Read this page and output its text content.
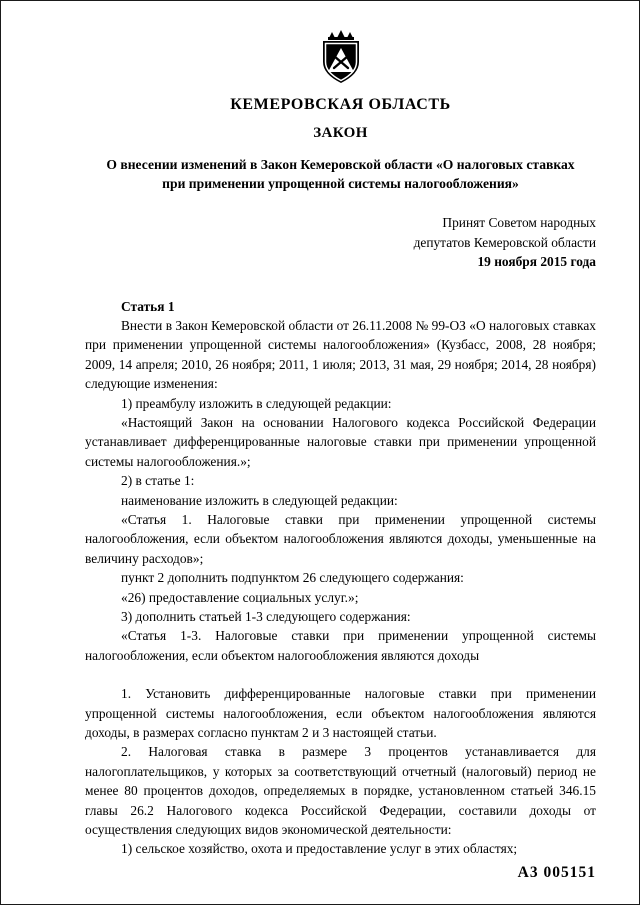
КЕМЕРОВСКАЯ ОБЛАСТЬ
ЗАКОН
О внесении изменений в Закон Кемеровской области «О налоговых ставках при применении упрощенной системы налогообложения»
Принят Советом народных
депутатов Кемеровской области
19 ноября 2015 года

Статья 1

Внести в Закон Кемеровской области от 26.11.2008 № 99-ОЗ «О налоговых ставках при применении упрощенной системы налогообложения» (Кузбасс, 2008, 28 ноября; 2009, 14 апреля; 2010, 26 ноября; 2011, 1 июля; 2013, 31 мая, 29 ноября; 2014, 28 ноября) следующие изменения:

1) преамбулу изложить в следующей редакции:

«Настоящий Закон на основании Налогового кодекса Российской Федерации устанавливает дифференцированные налоговые ставки при применении упрощенной системы налогообложения.»;

2) в статье 1:

наименование изложить в следующей редакции:

«Статья 1. Налоговые ставки при применении упрощенной системы налогообложения, если объектом налогообложения являются доходы, уменьшенные на величину расходов»;

пункт 2 дополнить подпунктом 26 следующего содержания:

«26) предоставление социальных услуг.»;

3) дополнить статьей 1-3 следующего содержания:

«Статья 1-3. Налоговые ставки при применении упрощенной системы налогообложения, если объектом налогообложения являются доходы

1. Установить дифференцированные налоговые ставки при применении упрощенной системы налогообложения, если объектом налогообложения являются доходы, в размерах согласно пунктам 2 и 3 настоящей статьи.

2. Налоговая ставка в размере 3 процентов устанавливается для налогоплательщиков, у которых за соответствующий отчетный (налоговый) период не менее 80 процентов доходов, определяемых в порядке, установленном статьей 346.15 главы 26.2 Налогового кодекса Российской Федерации, составили доходы от осуществления следующих видов экономической деятельности:

1) сельское хозяйство, охота и предоставление услуг в этих областях;

А3 005151
